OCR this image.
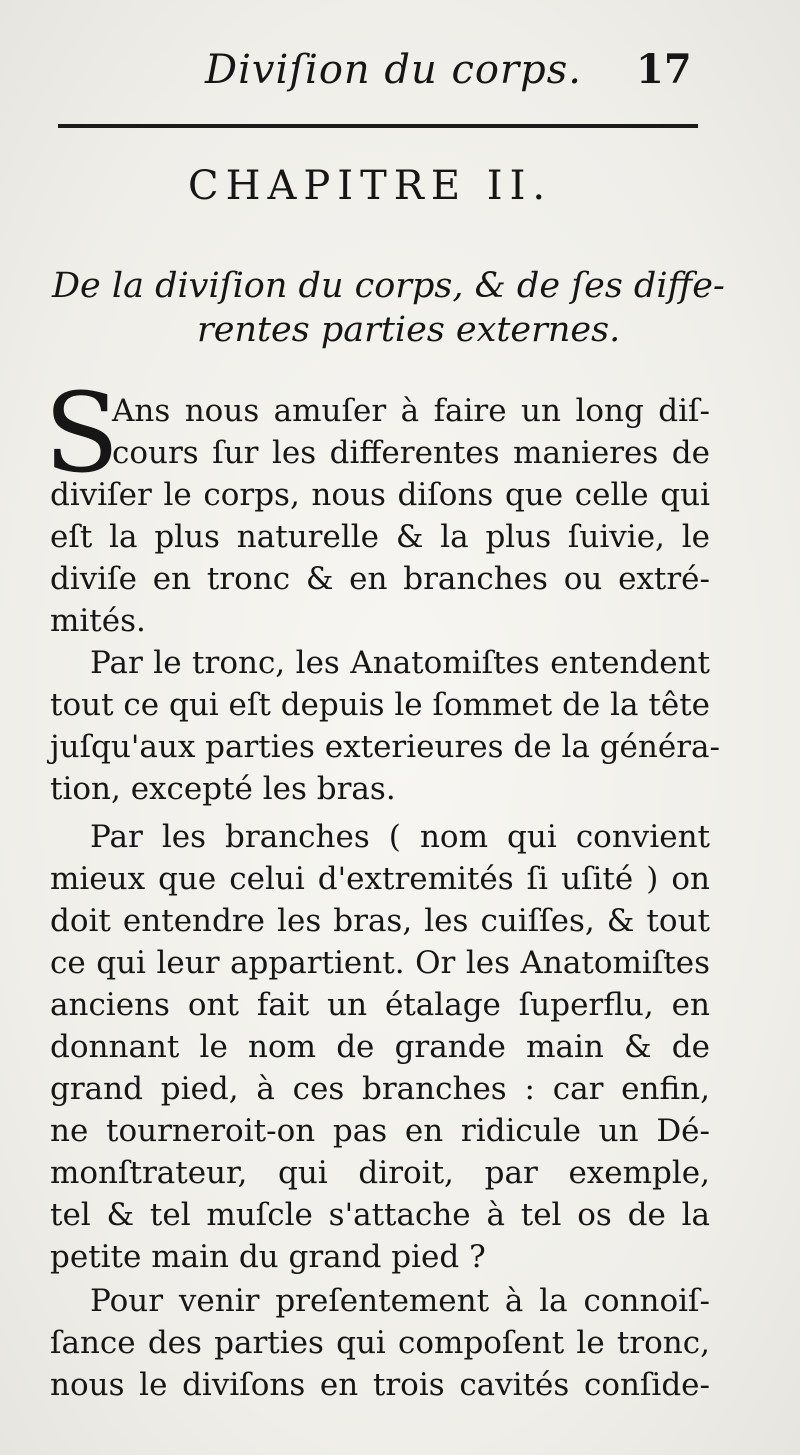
Diviſion du corps. 17
CHAPITRE II.
De la diviſion du corps, & de ſes diffe-
rentes parties externes.
S
Ans nous amuſer à faire un long diſ-
cours ſur les differentes manieres de
diviſer le corps, nous diſons que celle qui
eſt la plus naturelle & la plus ſuivie, le
diviſe en tronc & en branches ou extré-
mités.
Par le tronc, les Anatomiſtes entendent
tout ce qui eſt depuis le ſommet de la tête
juſqu'aux parties exterieures de la généra-
tion, excepté les bras.
Par les branches ( nom qui convient
mieux que celui d'extremités ſi uſité ) on
doit entendre les bras, les cuiſſes, & tout
ce qui leur appartient. Or les Anatomiſtes
anciens ont fait un étalage ſuperflu, en
donnant le nom de grande main & de
grand pied, à ces branches : car enfin,
ne tourneroit-on pas en ridicule un Dé-
monſtrateur, qui diroit, par exemple,
tel & tel muſcle s'attache à tel os de la
petite main du grand pied ?
Pour venir preſentement à la connoiſ-
ſance des parties qui compoſent le tronc,
nous le diviſons en trois cavités conſide-
